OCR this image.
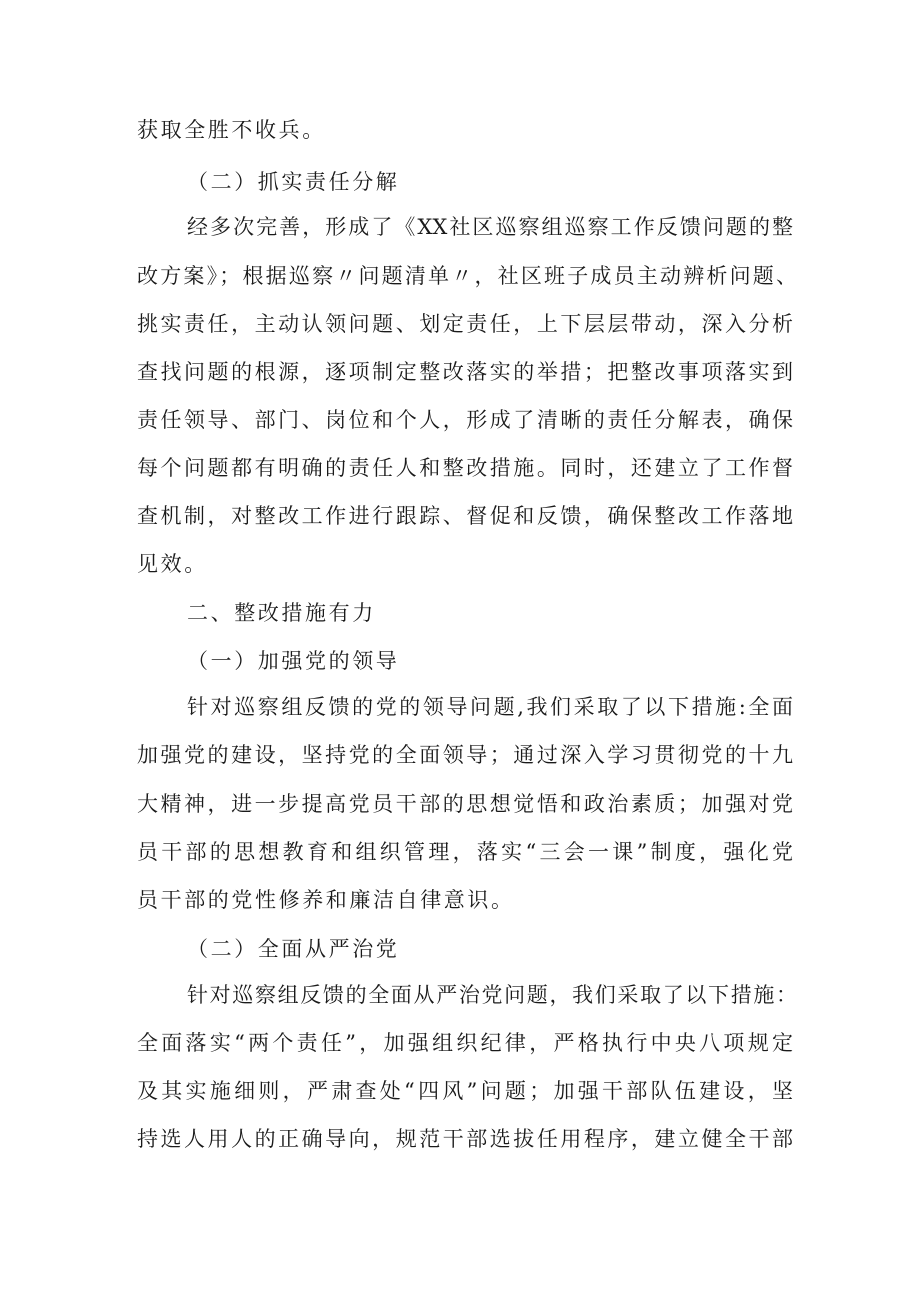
获取全胜不收兵。

（二）抓实责任分解

经多次完善，形成了《XX社区巡察组巡察工作反馈问题的整

改方案》；根据巡察〃问题清单〃，社区班子成员主动辨析问题、

挑实责任，主动认领问题、划定责任，上下层层带动，深入分析

查找问题的根源，逐项制定整改落实的举措；把整改事项落实到

责任领导、部门、岗位和个人，形成了清晰的责任分解表，确保

每个问题都有明确的责任人和整改措施。同时，还建立了工作督

查机制，对整改工作进行跟踪、督促和反馈，确保整改工作落地

见效。

二、整改措施有力

（一）加强党的领导

针对巡察组反馈的党的领导问题,我们采取了以下措施:全面

加强党的建设，坚持党的全面领导；通过深入学习贯彻党的十九

大精神，进一步提高党员干部的思想觉悟和政治素质；加强对党

员干部的思想教育和组织管理，落实“三会一课”制度，强化党

员干部的党性修养和廉洁自律意识。

（二）全面从严治党

针对巡察组反馈的全面从严治党问题，我们采取了以下措施：

全面落实“两个责任”，加强组织纪律，严格执行中央八项规定

及其实施细则，严肃查处“四风”问题；加强干部队伍建设，坚

持选人用人的正确导向，规范干部选拔任用程序，建立健全干部
